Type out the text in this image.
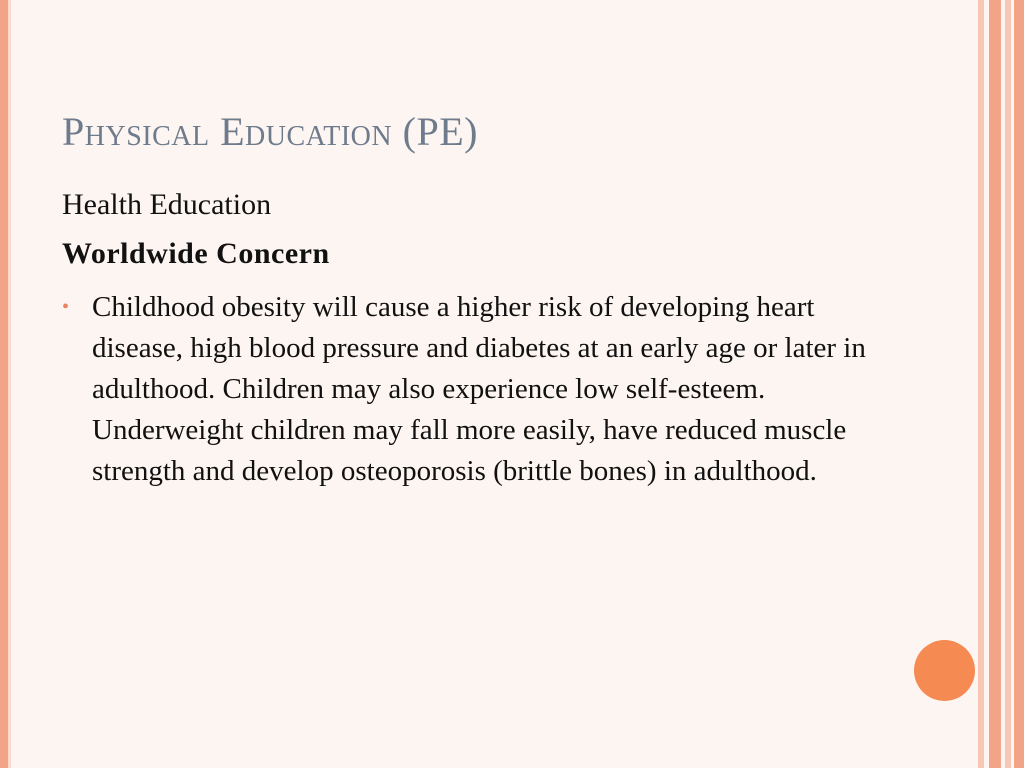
Physical Education (PE)
Health Education
Worldwide Concern
• Childhood obesity will cause a higher risk of developing heart disease, high blood pressure and diabetes at an early age or later in adulthood. Children may also experience low self-esteem. Underweight children may fall more easily, have reduced muscle strength and develop osteoporosis (brittle bones) in adulthood.
